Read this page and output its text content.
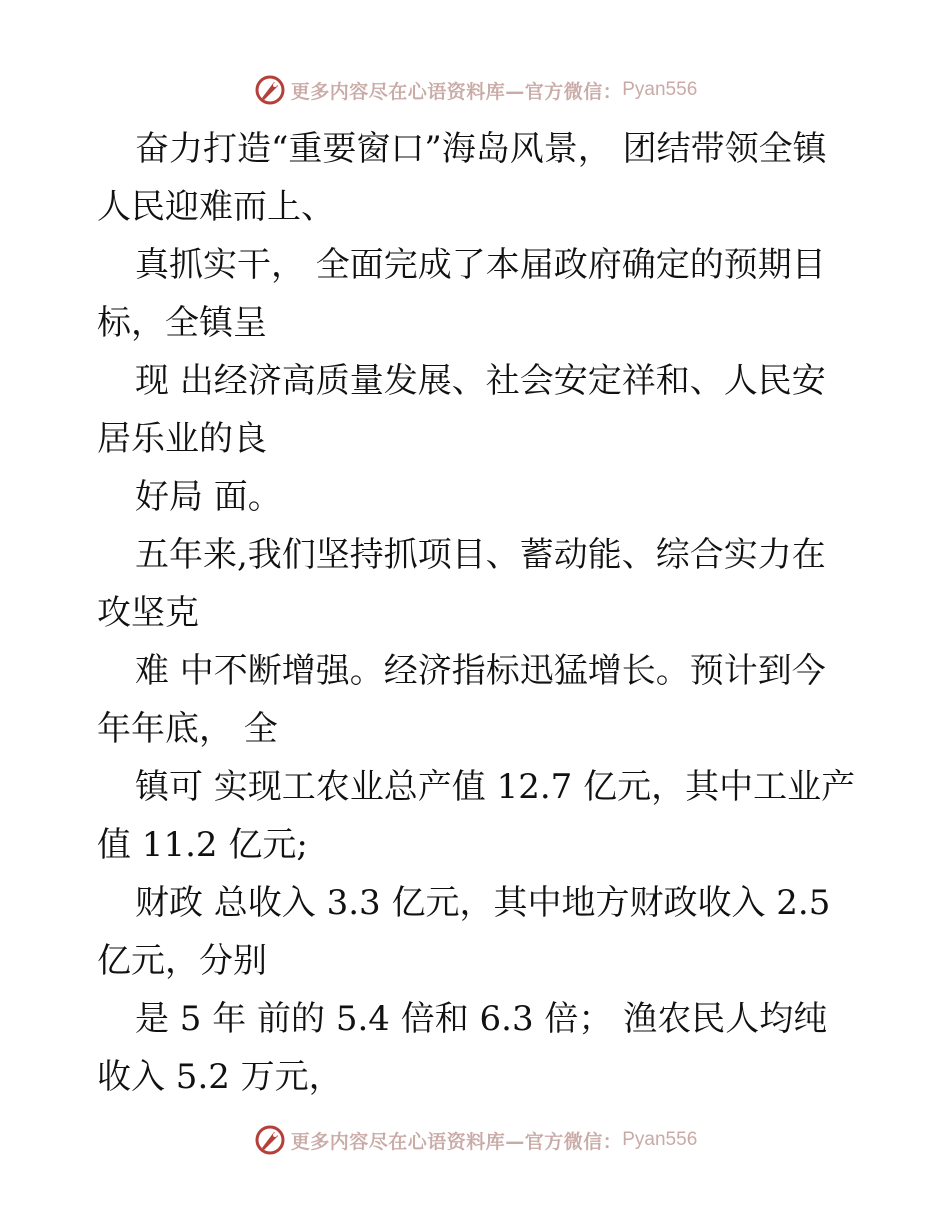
更多内容尽在心语资料库—官方微信： Pyan556

奋力打造“重要窗口”海岛风景， 团结带领全镇人民迎难而上、

真抓实干， 全面完成了本届政府确定的预期目标，全镇呈

现 出经济高质量发展、社会安定祥和、人民安居乐业的良

好局 面。

五年来,我们坚持抓项目、蓄动能、综合实力在攻坚克

难 中不断增强。经济指标迅猛增长。预计到今年年底， 全

镇可 实现工农业总产值 12.7 亿元，其中工业产值 11.2 亿元;

财政 总收入 3.3 亿元，其中地方财政收入 2.5 亿元，分别

是 5 年 前的 5.4 倍和 6.3 倍； 渔农民人均纯收入 5.2 万元，

更多内容尽在心语资料库—官方微信： Pyan556
